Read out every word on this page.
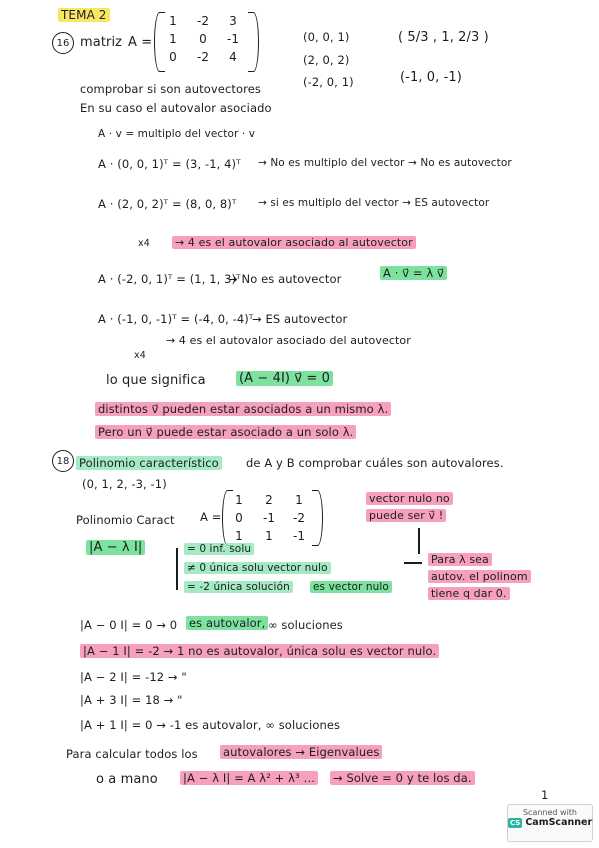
TEMA 2
16 matriz A =
1	-2	3
1	0	-1
0	-2	4
(0, 0, 1)
(2, 0, 2)
(-2, 0, 1)
( 5/3 , 1, 2/3 )
(-1, 0, -1)
comprobar si son autovectores
En su caso el autovalor asociado
A · v = multiplo del vector · v
A · (0, 0, 1)ᵀ = (3, -1, 4)ᵀ → No es multiplo del vector → No es autovector
A · (2, 0, 2)ᵀ = (8, 0, 8)ᵀ → si es multiplo del vector → ES autovector
x4 → 4 es el autovalor asociado al autovector
A · (-2, 0, 1)ᵀ = (1, 1, 3)ᵀ
→ No es autovector	A · v⃗ = λ v⃗
A · (-1, 0, -1)ᵀ = (-4, 0, -4)ᵀ
→ ES autovector
x4
→ 4 es el autovalor asociado del autovector
lo que significa	(A − 4I) v⃗ = 0
distintos v⃗ pueden estar asociados a un mismo λ.
Pero un v⃗ puede estar asociado a un solo λ.
18 Polinomio característico de A y B comprobar cuáles son autovalores.
(0, 1, 2, -3, -1)
Polinomio Caract A =
1	2	1
0	-1	-2
1	1	-1
vector nulo no
puede ser v⃗ !
|A − λ I|	= 0 inf. solu
≠ 0 única solu vector nulo
= -2 única solución es vector nulo
Para λ sea
autov. el polinom
tiene q dar 0.
|A − 0 I| = 0 → 0 es autovalor, ∞ soluciones
|A − 1 I| = -2 → 1 no es autovalor, única solu es vector nulo.
|A − 2 I| = -12 → "
|A + 3 I| = 18 → "
|A + 1 I| = 0 → -1 es autovalor, ∞ soluciones
Para calcular todos los autovalores → Eigenvalues
o a mano |A − λ I| = A λ² + λ³ … → Solve = 0 y te los da.
1
Scanned with
CS CamScanner
